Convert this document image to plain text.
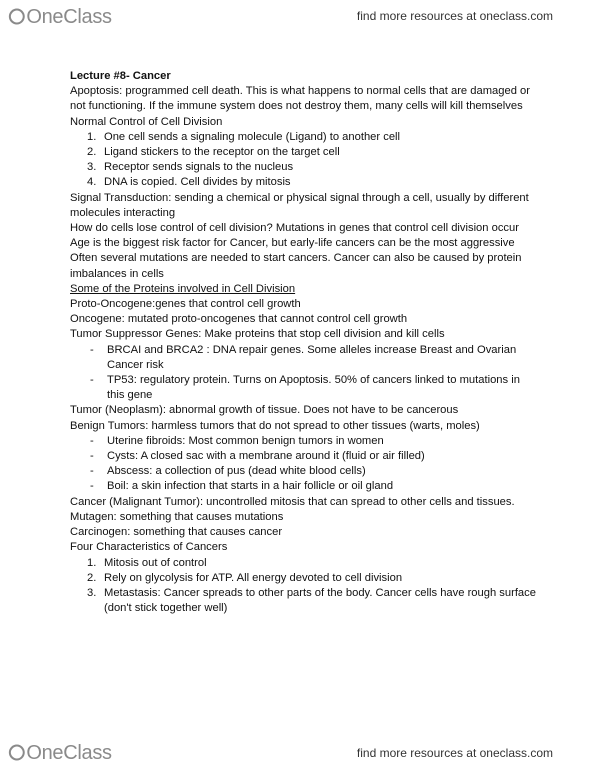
⭘ OneClass	find more resources at oneclass.com

Lecture #8- Cancer

Apoptosis: programmed cell death. This is what happens to normal cells that are damaged or not functioning. If the immune system does not destroy them, many cells will kill themselves

Normal Control of Cell Division

1. One cell sends a signaling molecule (Ligand) to another cell
2. Ligand stickers to the receptor on the target cell
3. Receptor sends signals to the nucleus
4. DNA is copied. Cell divides by mitosis

Signal Transduction: sending a chemical or physical signal through a cell, usually by different molecules interacting

How do cells lose control of cell division? Mutations in genes that control cell division occur

Age is the biggest risk factor for Cancer, but early-life cancers can be the most aggressive

Often several mutations are needed to start cancers. Cancer can also be caused by protein imbalances in cells

Some of the Proteins involved in Cell Division

Proto-Oncogene:genes that control cell growth

Oncogene: mutated proto-oncogenes that cannot control cell growth

Tumor Suppressor Genes: Make proteins that stop cell division and kill cells

-	BRCAI and BRCA2 : DNA repair genes. Some alleles increase Breast and Ovarian Cancer risk
-	TP53: regulatory protein. Turns on Apoptosis. 50% of cancers linked to mutations in this gene

Tumor (Neoplasm): abnormal growth of tissue. Does not have to be cancerous

Benign Tumors: harmless tumors that do not spread to other tissues (warts, moles)

-	Uterine fibroids: Most common benign tumors in women
-	Cysts: A closed sac with a membrane around it (fluid or air filled)
-	Abscess: a collection of pus (dead white blood cells)
-	Boil: a skin infection that starts in a hair follicle or oil gland

Cancer (Malignant Tumor): uncontrolled mitosis that can spread to other cells and tissues.

Mutagen: something that causes mutations

Carcinogen: something that causes cancer

Four Characteristics of Cancers

1. Mitosis out of control
2. Rely on glycolysis for ATP. All energy devoted to cell division
3. Metastasis: Cancer spreads to other parts of the body. Cancer cells have rough surface (don't stick together well)
⭘ OneClass	find more resources at oneclass.com
